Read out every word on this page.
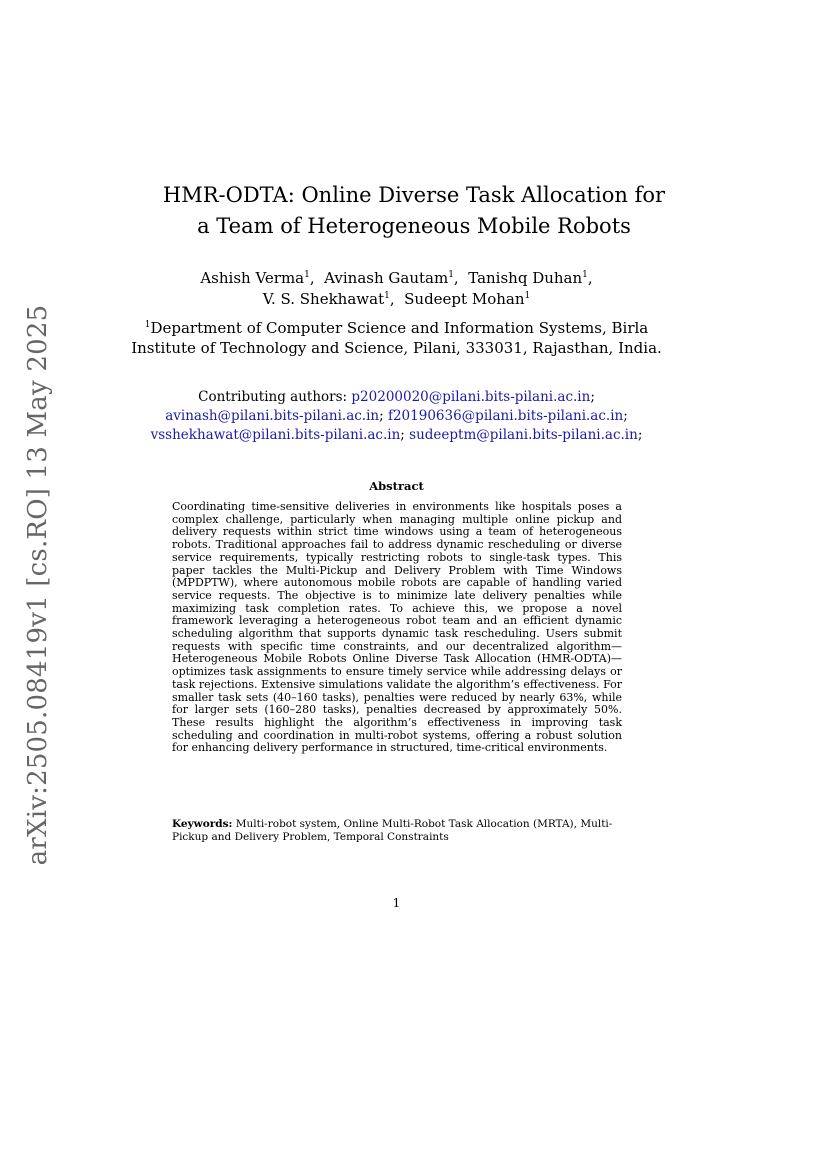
arXiv:2505.08419v1 [cs.RO] 13 May 2025
HMR-ODTA: Online Diverse Task Allocation for
a Team of Heterogeneous Mobile Robots
Ashish Verma$^1$,  Avinash Gautam$^1$,  Tanishq Duhan$^1$,
V. S. Shekhawat$^1$,  Sudeept Mohan$^1$
$^1$Department of Computer Science and Information Systems, Birla
Institute of Technology and Science, Pilani, 333031, Rajasthan, India.
Contributing authors: p20200020@pilani.bits-pilani.ac.in;
avinash@pilani.bits-pilani.ac.in; f20190636@pilani.bits-pilani.ac.in;
vsshekhawat@pilani.bits-pilani.ac.in; sudeeptm@pilani.bits-pilani.ac.in;
Abstract
Coordinating time-sensitive deliveries in environments like hospitals poses a complex challenge, particularly when managing multiple online pickup and delivery requests within strict time windows using a team of heterogeneous robots. Traditional approaches fail to address dynamic rescheduling or diverse service requirements, typically restricting robots to single-task types. This paper tackles the Multi-Pickup and Delivery Problem with Time Windows (MPDPTW), where autonomous mobile robots are capable of handling varied service requests. The objective is to minimize late delivery penalties while maximizing task completion rates. To achieve this, we propose a novel framework leveraging a heterogeneous robot team and an efficient dynamic scheduling algorithm that supports dynamic task rescheduling. Users submit requests with specific time constraints, and our decentralized algorithm—Heterogeneous Mobile Robots Online Diverse Task Allocation (HMR-ODTA)—optimizes task assignments to ensure timely service while addressing delays or task rejections. Extensive simulations validate the algorithm’s effectiveness. For smaller task sets (40–160 tasks), penalties were reduced by nearly 63%, while for larger sets (160–280 tasks), penalties decreased by approximately 50%. These results highlight the algorithm’s effectiveness in improving task scheduling and coordination in multi-robot systems, offering a robust solution for enhancing delivery performance in structured, time-critical environments.
Keywords: Multi-robot system, Online Multi-Robot Task Allocation (MRTA), Multi-Pickup and Delivery Problem, Temporal Constraints
1
